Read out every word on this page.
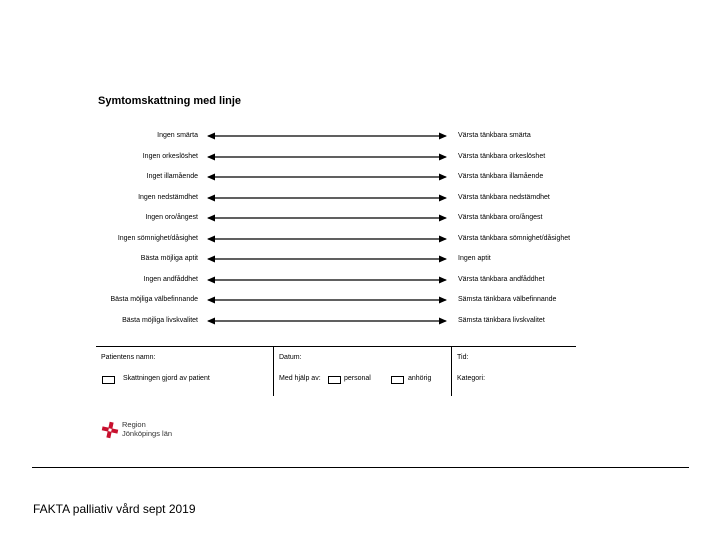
Symtomskattning med linje
Ingen smärta	Värsta tänkbara smärta
Ingen orkeslöshet	Värsta tänkbara orkeslöshet
Inget illamående	Värsta tänkbara illamående
Ingen nedstämdhet	Värsta tänkbara nedstämdhet
Ingen oro/ångest	Värsta tänkbara oro/ångest
Ingen sömnighet/dåsighet	Värsta tänkbara sömnighet/dåsighet
Bästa möjliga aptit	Ingen aptit
Ingen andfåddhet	Värsta tänkbara andfåddhet
Bästa möjliga välbefinnande	Sämsta tänkbara välbefinnande
Bästa möjliga livskvalitet	Sämsta tänkbara livskvalitet
Patientens namn:	Datum:	Tid:
Skattningen gjord av patient	Med hjälp av:	personal	anhörig	Kategori:
Region
Jönköpings län
FAKTA palliativ vård sept 2019
